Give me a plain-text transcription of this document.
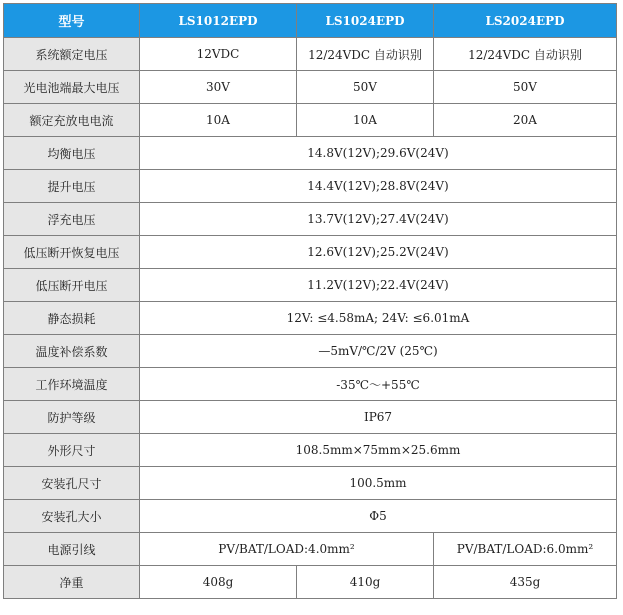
型号	LS1012EPD	LS1024EPD	LS2024EPD
系统额定电压	12VDC	12/24VDC 自动识别	12/24VDC 自动识别
光电池端最大电压	30V	50V	50V
额定充放电电流	10A	10A	20A
均衡电压	14.8V(12V);29.6V(24V)		
提升电压	14.4V(12V);28.8V(24V)		
浮充电压	13.7V(12V);27.4V(24V)		
低压断开恢复电压	12.6V(12V);25.2V(24V)		
低压断开电压	11.2V(12V);22.4V(24V)		
静态损耗	12V: ≤4.58mA; 24V: ≤6.01mA		
温度补偿系数	—5mV/℃/2V (25℃)		
工作环境温度	-35℃～+55℃		
防护等级	IP67		
外形尺寸	108.5mm×75mm×25.6mm		
安装孔尺寸	100.5mm		
安装孔大小	Φ5		
电源引线	PV/BAT/LOAD:4.0mm²		PV/BAT/LOAD:6.0mm²
净重	408g	410g	435g
